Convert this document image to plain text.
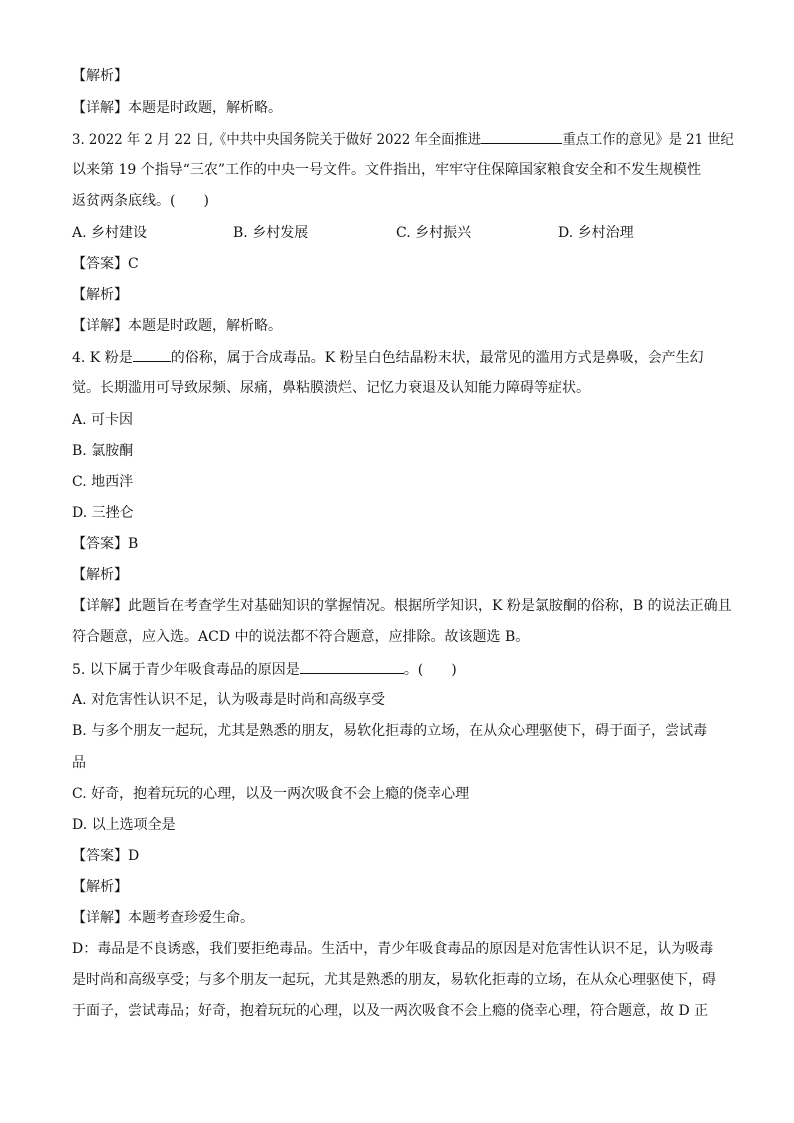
【解析】
【详解】本题是时政题，解析略。
3. 2022 年 2 月 22 日,《中共中央国务院关于做好 2022 年全面推进	重点工作的意见》是 21 世纪
以来第 19 个指导“三农”工作的中央一号文件。文件指出，牢牢守住保障国家粮食安全和不发生规模性
返贫两条底线。(　　)
A. 乡村建设	B. 乡村发展	C. 乡村振兴	D. 乡村治理
【答案】C
【解析】
【详解】本题是时政题，解析略。
4. K 粉是	的俗称，属于合成毒品。K 粉呈白色结晶粉末状，最常见的滥用方式是鼻吸，会产生幻
觉。长期滥用可导致尿频、尿痛，鼻粘膜溃烂、记忆力衰退及认知能力障碍等症状。
A. 可卡因
B. 氯胺酮
C. 地西泮
D. 三挫仑
【答案】B
【解析】
【详解】此题旨在考查学生对基础知识的掌握情况。根据所学知识，K 粉是氯胺酮的俗称，B 的说法正确且
符合题意，应入选。ACD 中的说法都不符合题意，应排除。故该题选 B。
5. 以下属于青少年吸食毒品的原因是	。(　　)
A. 对危害性认识不足，认为吸毒是时尚和高级享受
B. 与多个朋友一起玩，尤其是熟悉的朋友，易软化拒毒的立场，在从众心理驱使下，碍于面子，尝试毒
品
C. 好奇，抱着玩玩的心理，以及一两次吸食不会上瘾的侥幸心理
D. 以上选项全是
【答案】D
【解析】
【详解】本题考查珍爱生命。
D：毒品是不良诱惑，我们要拒绝毒品。生活中，青少年吸食毒品的原因是对危害性认识不足，认为吸毒
是时尚和高级享受；与多个朋友一起玩，尤其是熟悉的朋友，易软化拒毒的立场，在从众心理驱使下，碍
于面子，尝试毒品；好奇，抱着玩玩的心理，以及一两次吸食不会上瘾的侥幸心理，符合题意，故 D 正
